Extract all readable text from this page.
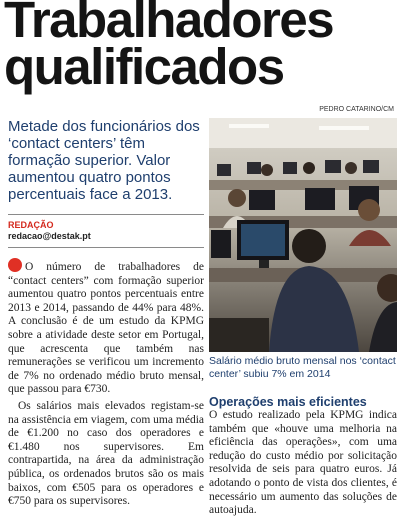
Trabalhadores
qualificados
PEDRO CATARINO/CM
Metade dos funcionários dos ‘contact centers’ têm formação superior. Valor aumentou quatro pontos percentuais face a 2013.
REDAÇÃO
redacao@destak.pt

O número de trabalhadores de “contact centers” com formação superior aumentou quatro pontos percentuais entre 2013 e 2014, passando de 44% para 48%. A conclusão é de um estudo da KPMG sobre a atividade deste setor em Portugal, que acrescenta que também nas remunerações se verificou um incremento de 7% no ordenado médio bruto mensal, que passou para €730.

Os salários mais elevados registam-se na assistência em viagem, com uma média de €1.200 no caso dos operadores e €1.480 nos supervisores. Em contrapartida, na área da administração pública, os ordenados brutos são os mais baixos, com €505 para os operadores e €750 para os supervisores.

Salário médio bruto mensal nos ‘contact center’ subiu 7% em 2014
Operações mais eficientes

O estudo realizado pela KPMG indica também que «houve uma melhoria na eficiência das operações», com uma redução do custo médio por solicitação resolvida de seis para quatro euros. Já adotando o ponto de vista dos clientes, é necessário um aumento das soluções de autoajuda.
